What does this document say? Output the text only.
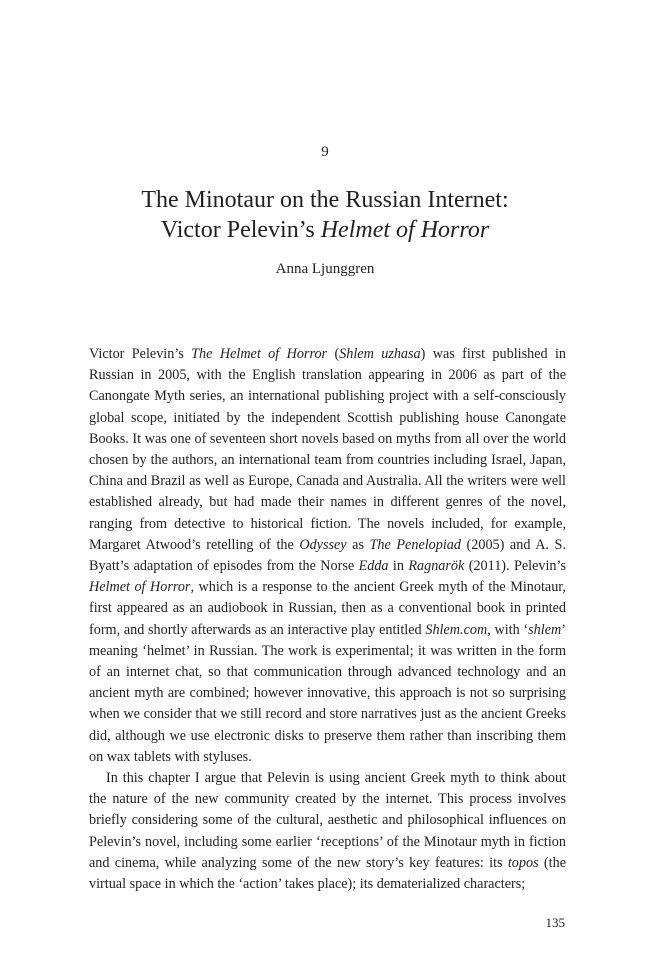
9
The Minotaur on the Russian Internet:
Victor Pelevin’s Helmet of Horror
Anna Ljunggren

Victor Pelevin’s The Helmet of Horror (Shlem uzhasa) was first published in Russian in 2005, with the English translation appearing in 2006 as part of the Canongate Myth series, an international publishing project with a self-consciously global scope, initiated by the independent Scottish publishing house Canongate Books. It was one of seventeen short novels based on myths from all over the world chosen by the authors, an international team from countries including Israel, Japan, China and Brazil as well as Europe, Canada and Australia. All the writers were well established already, but had made their names in different genres of the novel, ranging from detective to historical fiction. The novels included, for example, Margaret Atwood’s retelling of the Odyssey as The Penelopiad (2005) and A. S. Byatt’s adaptation of episodes from the Norse Edda in Ragnarök (2011). Pelevin’s Helmet of Horror, which is a response to the ancient Greek myth of the Minotaur, first appeared as an audiobook in Russian, then as a conventional book in printed form, and shortly afterwards as an interactive play entitled Shlem.com, with ‘shlem’ meaning ‘helmet’ in Russian. The work is experimental; it was written in the form of an internet chat, so that communication through advanced technology and an ancient myth are combined; however innovative, this approach is not so surprising when we consider that we still record and store narratives just as the ancient Greeks did, although we use electronic disks to preserve them rather than inscribing them on wax tablets with styluses.

In this chapter I argue that Pelevin is using ancient Greek myth to think about the nature of the new community created by the internet. This process involves briefly considering some of the cultural, aesthetic and philosophical influences on Pelevin’s novel, including some earlier ‘receptions’ of the Minotaur myth in fiction and cinema, while analyzing some of the new story’s key features: its topos (the virtual space in which the ‘action’ takes place); its dematerialized characters;

135
